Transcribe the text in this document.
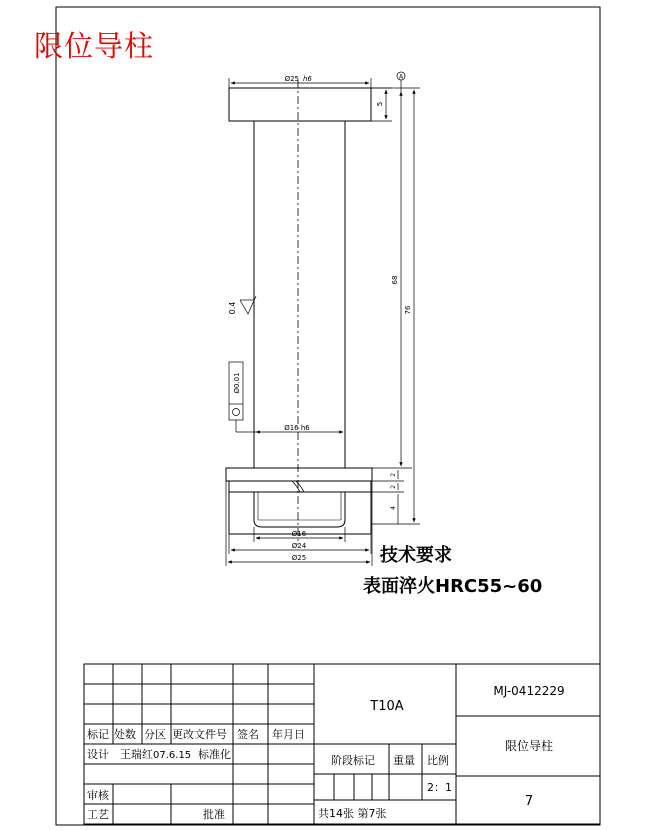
A
Ø0.01
Ø25 h6
5
68
76
0.4
Ø16 h6
2
2
4
Ø16
Ø24
Ø25
标记 处数 分区 更改文件号 签名 年月日
设计 王瑞红 07.6.15 标准化
审核
工艺	批准
T10A
MJ-0412229
限位导柱
阶段标记 重量 比例
2：1
共14张 第7张
7
限位导柱
技术要求
表面淬火HRC55~60
